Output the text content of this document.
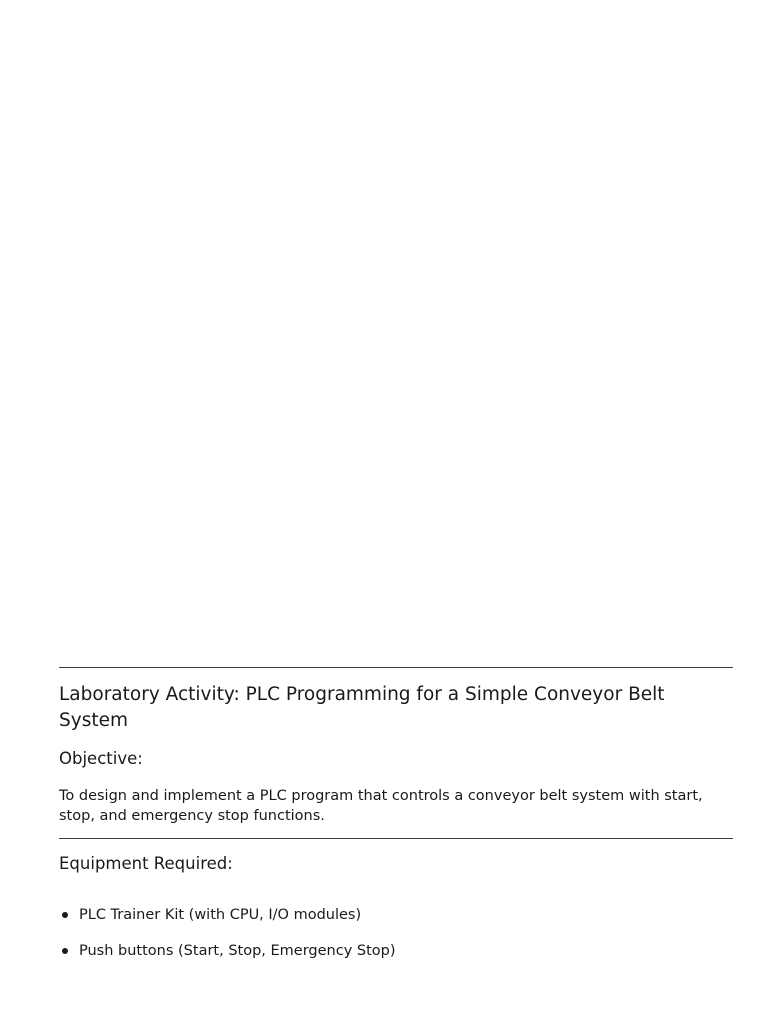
Laboratory Activity: PLC Programming for a Simple Conveyor Belt System
Objective:

To design and implement a PLC program that controls a conveyor belt system with start, stop, and emergency stop functions.

Equipment Required:
PLC Trainer Kit (with CPU, I/O modules)
Push buttons (Start, Stop, Emergency Stop)
